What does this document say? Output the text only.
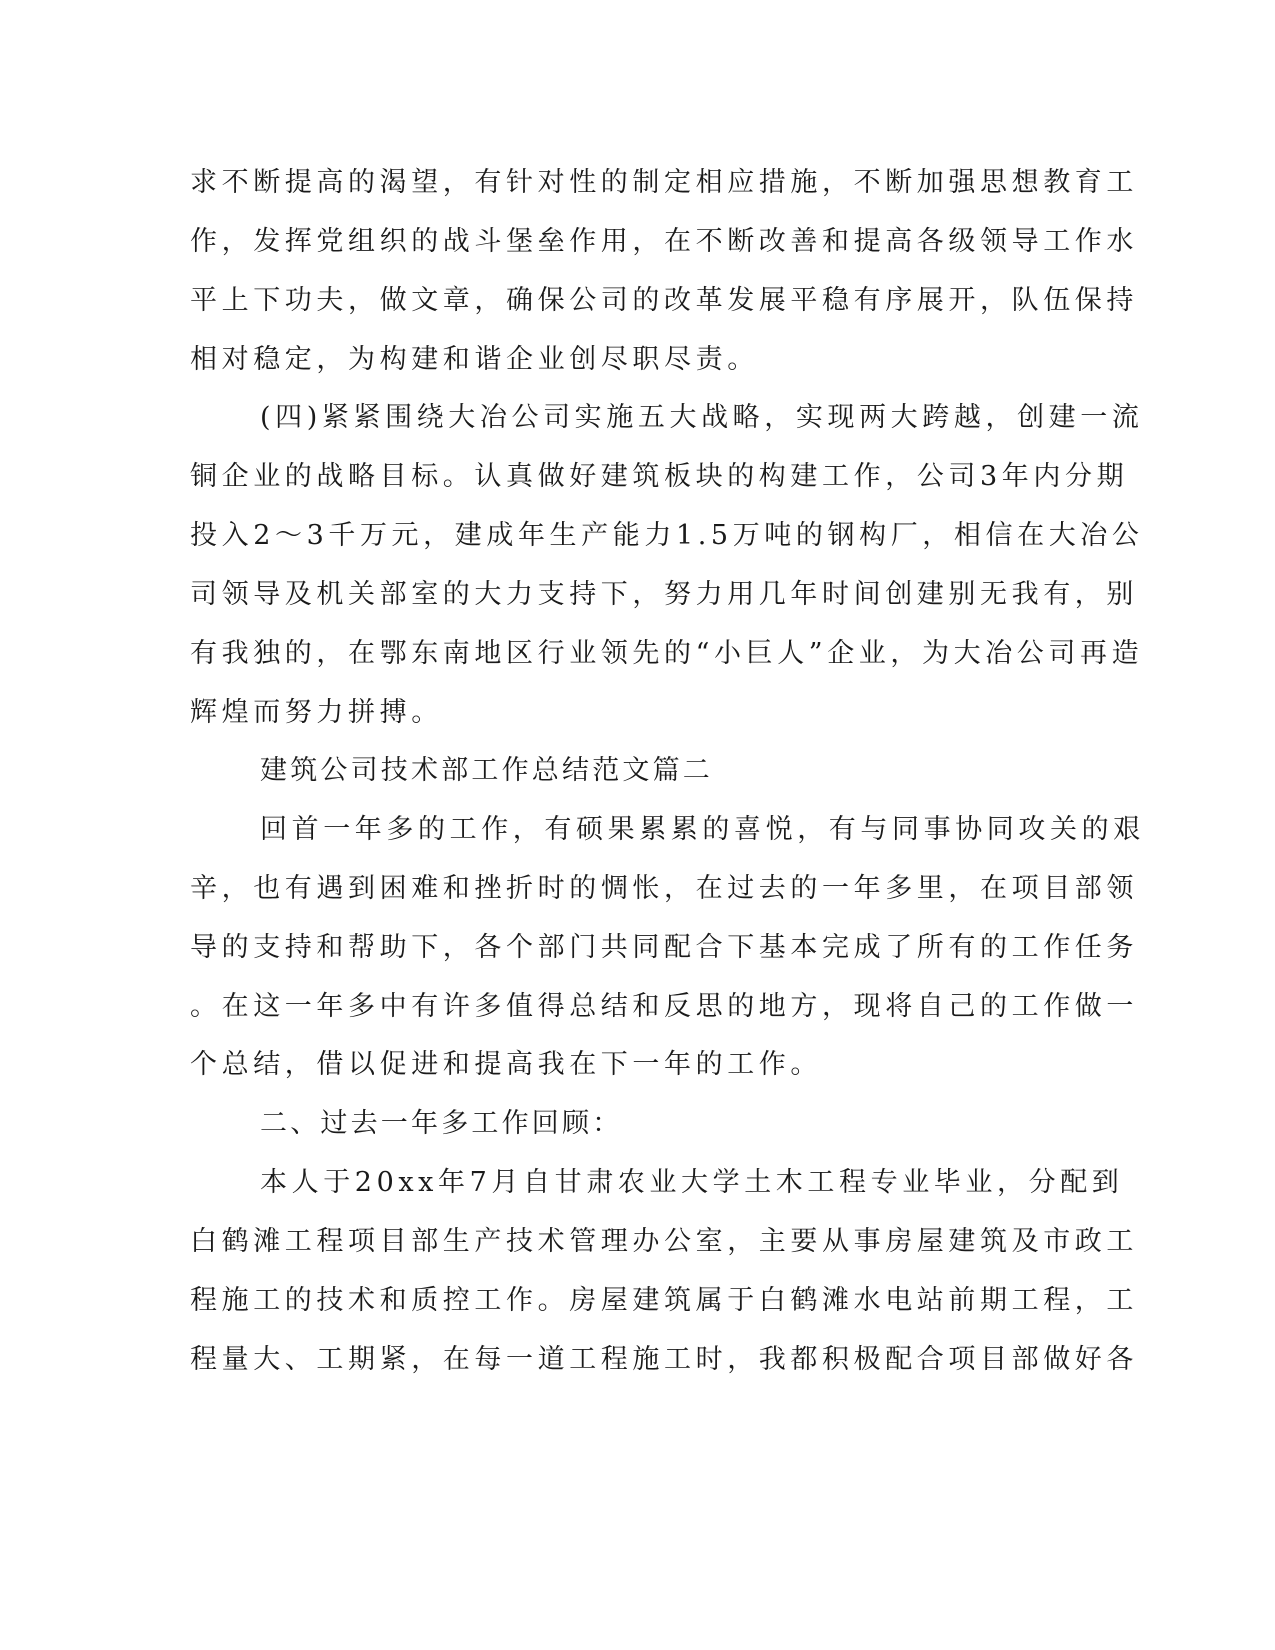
求不断提高的渴望，有针对性的制定相应措施，不断加强思想教育工
作，发挥党组织的战斗堡垒作用，在不断改善和提高各级领导工作水
平上下功夫，做文章，确保公司的改革发展平稳有序展开，队伍保持
相对稳定，为构建和谐企业创尽职尽责。
(四)紧紧围绕大冶公司实施五大战略，实现两大跨越，创建一流
铜企业的战略目标。认真做好建筑板块的构建工作，公司3年内分期
投入2～3千万元，建成年生产能力1.5万吨的钢构厂，相信在大冶公
司领导及机关部室的大力支持下，努力用几年时间创建别无我有，别
有我独的，在鄂东南地区行业领先的“小巨人”企业，为大冶公司再造
辉煌而努力拼搏。
建筑公司技术部工作总结范文篇二
回首一年多的工作，有硕果累累的喜悦，有与同事协同攻关的艰
辛，也有遇到困难和挫折时的惆怅，在过去的一年多里，在项目部领
导的支持和帮助下，各个部门共同配合下基本完成了所有的工作任务
。在这一年多中有许多值得总结和反思的地方，现将自己的工作做一
个总结，借以促进和提高我在下一年的工作。
二、过去一年多工作回顾：
本人于20xx年7月自甘肃农业大学土木工程专业毕业，分配到
白鹤滩工程项目部生产技术管理办公室，主要从事房屋建筑及市政工
程施工的技术和质控工作。房屋建筑属于白鹤滩水电站前期工程，工
程量大、工期紧，在每一道工程施工时，我都积极配合项目部做好各
